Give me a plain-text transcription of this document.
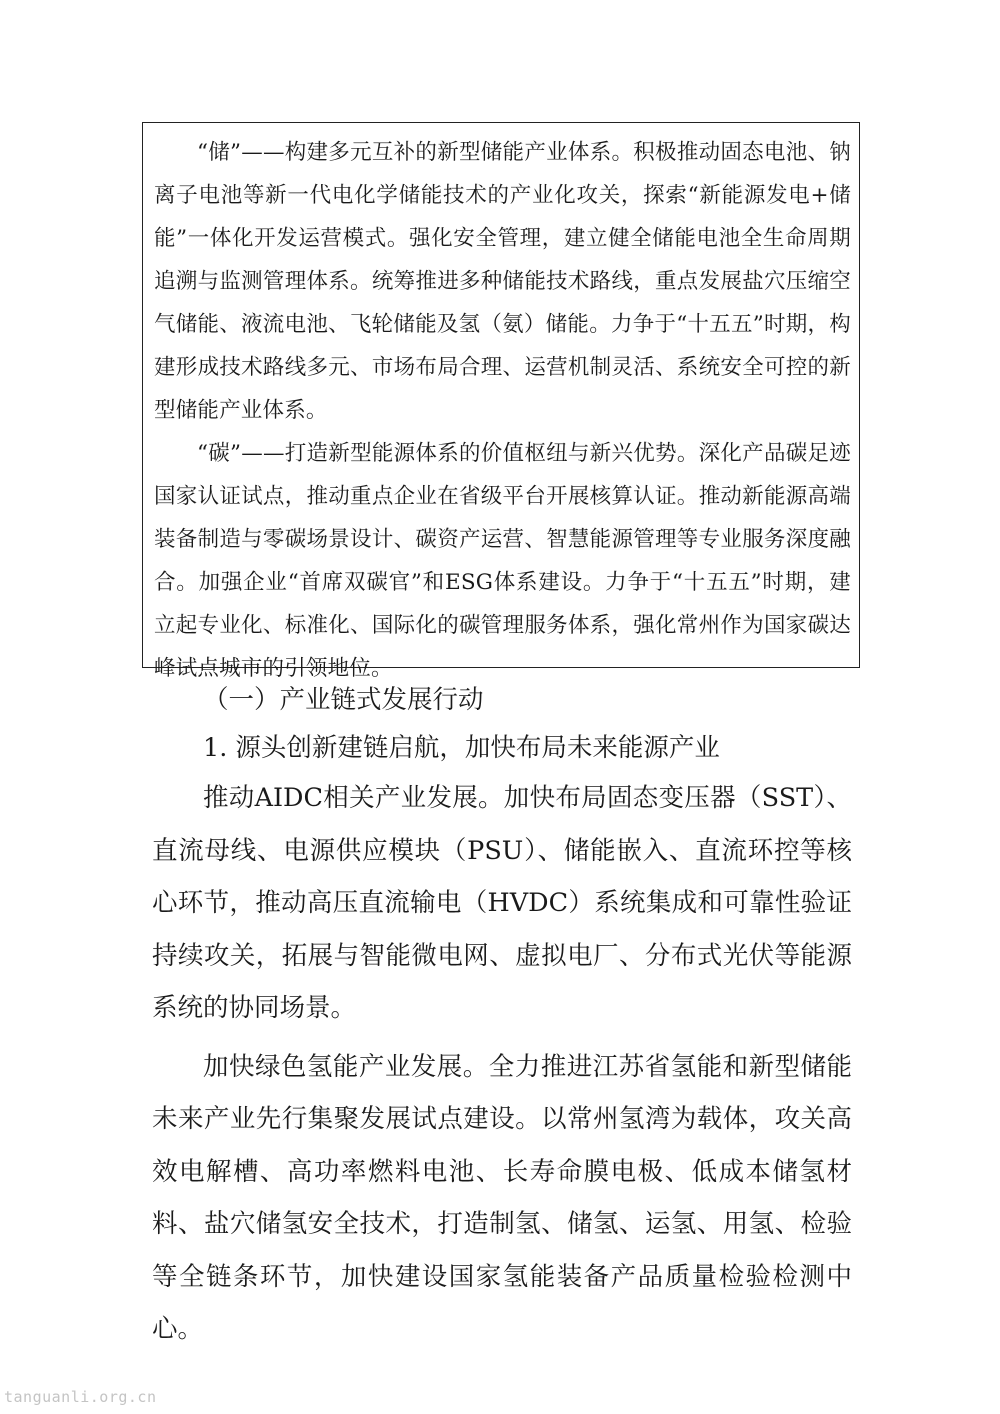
“储”——构建多元互补的新型储能产业体系。积极推动固态电池、钠离子电池等新一代电化学储能技术的产业化攻关，探索“新能源发电+储能”一体化开发运营模式。强化安全管理，建立健全储能电池全生命周期追溯与监测管理体系。统筹推进多种储能技术路线，重点发展盐穴压缩空气储能、液流电池、飞轮储能及氢（氨）储能。力争于“十五五”时期，构建形成技术路线多元、市场布局合理、运营机制灵活、系统安全可控的新型储能产业体系。

“碳”——打造新型能源体系的价值枢纽与新兴优势。深化产品碳足迹国家认证试点，推动重点企业在省级平台开展核算认证。推动新能源高端装备制造与零碳场景设计、碳资产运营、智慧能源管理等专业服务深度融合。加强企业“首席双碳官”和ESG体系建设。力争于“十五五”时期，建立起专业化、标准化、国际化的碳管理服务体系，强化常州作为国家碳达峰试点城市的引领地位。

（一）产业链式发展行动

1. 源头创新建链启航，加快布局未来能源产业

推动AIDC相关产业发展。加快布局固态变压器（SST）、直流母线、电源供应模块（PSU）、储能嵌入、直流环控等核心环节，推动高压直流输电（HVDC）系统集成和可靠性验证持续攻关，拓展与智能微电网、虚拟电厂、分布式光伏等能源系统的协同场景。

加快绿色氢能产业发展。全力推进江苏省氢能和新型储能未来产业先行集聚发展试点建设。以常州氢湾为载体，攻关高效电解槽、高功率燃料电池、长寿命膜电极、低成本储氢材料、盐穴储氢安全技术，打造制氢、储氢、运氢、用氢、检验等全链条环节，加快建设国家氢能装备产品质量检验检测中心。

tanguanli.org.cn
